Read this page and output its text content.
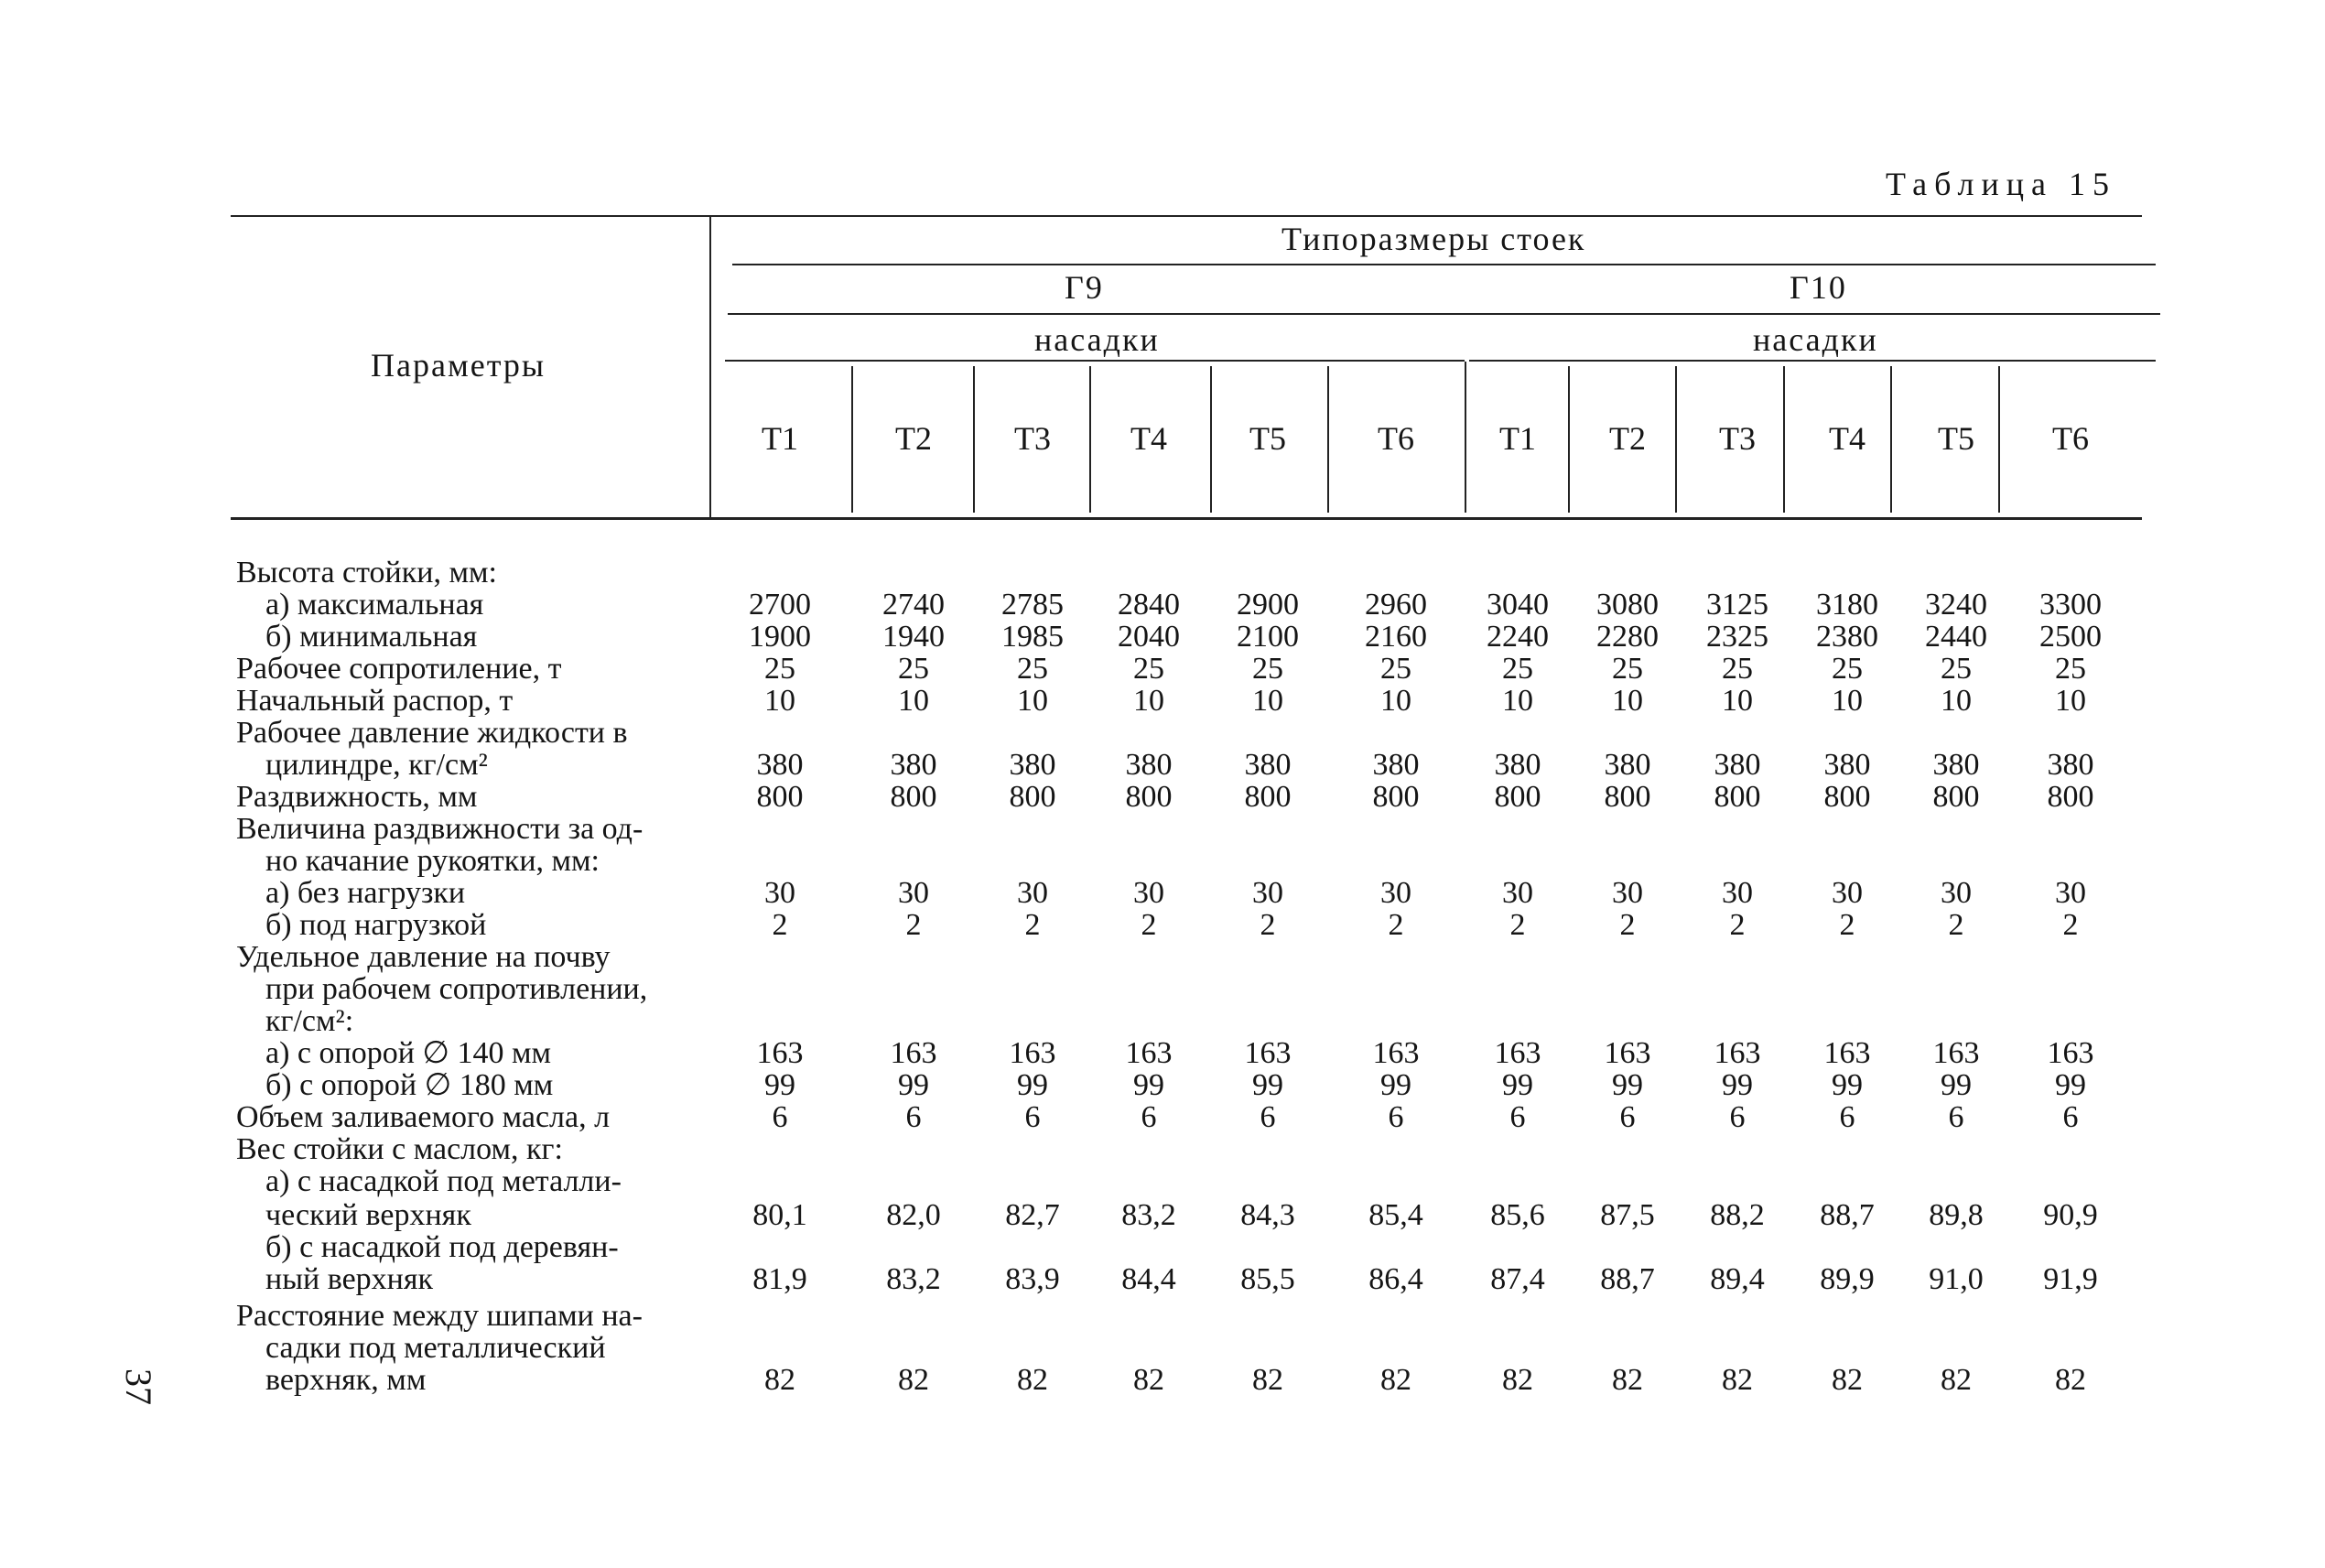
Таблица 15
Параметры
Типоразмеры стоек
Г9	Г10
насадки	насадки
Т1	Т2	Т3	Т4	Т5	Т6	Т1	Т2	Т3	Т4	Т5	Т6
Высота стойки, мм:
а) максимальная	2700	2740	2785	2840	2900	2960	3040	3080	3125	3180	3240	3300
б) минимальная	1900	1940	1985	2040	2100	2160	2240	2280	2325	2380	2440	2500
Рабочее сопротиление, т	25	25	25	25	25	25	25	25	25	25	25	25
Начальный распор, т	10	10	10	10	10	10	10	10	10	10	10	10
Рабочее давление жидкости в
цилиндре, кг/см²	380	380	380	380	380	380	380	380	380	380	380	380
Раздвижность, мм	800	800	800	800	800	800	800	800	800	800	800	800
Величина раздвижности за од-
но качание рукоятки, мм:
а) без нагрузки	30	30	30	30	30	30	30	30	30	30	30	30
б) под нагрузкой	2	2	2	2	2	2	2	2	2	2	2	2
Удельное давление на почву
при рабочем сопротивлении,
кг/см²:
а) с опорой ∅ 140 мм	163	163	163	163	163	163	163	163	163	163	163	163
б) с опорой ∅ 180 мм	99	99	99	99	99	99	99	99	99	99	99	99
Объем заливаемого масла, л	6	6	6	6	6	6	6	6	6	6	6	6
Вес стойки с маслом, кг:
а) с насадкой под металли-
ческий верхняк	80,1	82,0	82,7	83,2	84,3	85,4	85,6	87,5	88,2	88,7	89,8	90,9
б) с насадкой под деревян-
ный верхняк	81,9	83,2	83,9	84,4	85,5	86,4	87,4	88,7	89,4	89,9	91,0	91,9
Расстояние между шипами на-
садки под металлический
верхняк, мм	82	82	82	82	82	82	82	82	82	82	82	82
37
